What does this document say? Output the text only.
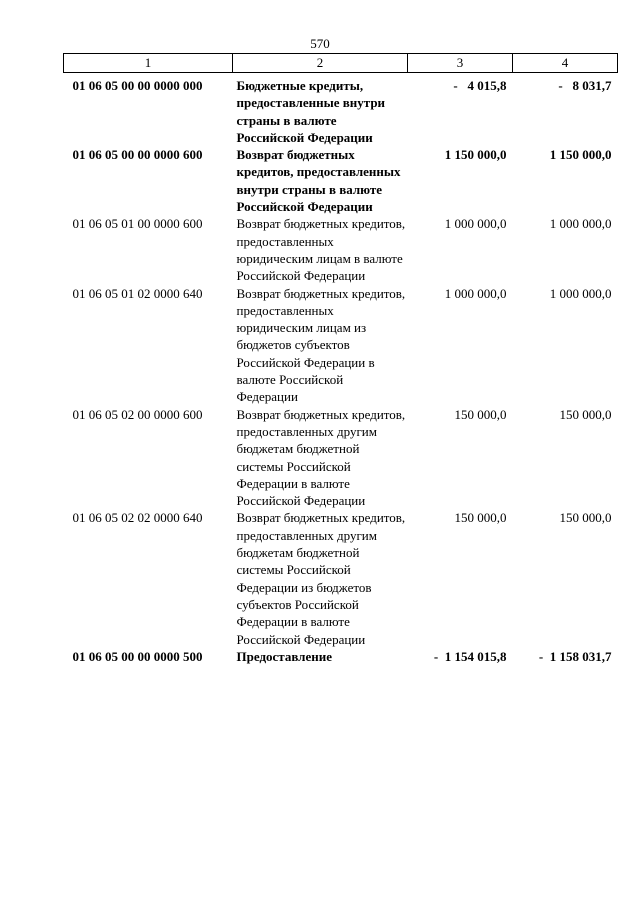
570
1	2	3	4
01 06 05 00 00 0000 000	Бюджетные кредиты, предоставленные внутри страны в валюте Российской Федерации	-   4 015,8	-   8 031,7
01 06 05 00 00 0000 600	Возврат бюджетных кредитов, предоставленных внутри страны в валюте Российской Федерации	1 150 000,0	1 150 000,0
01 06 05 01 00 0000 600	Возврат бюджетных кредитов, предоставленных юридическим лицам в валюте Российской Федерации	1 000 000,0	1 000 000,0
01 06 05 01 02 0000 640	Возврат бюджетных кредитов, предоставленных юридическим лицам из бюджетов субъектов Российской Федерации в валюте Российской Федерации	1 000 000,0	1 000 000,0
01 06 05 02 00 0000 600	Возврат бюджетных кредитов, предоставленных другим бюджетам бюджетной системы Российской Федерации в валюте Российской Федерации	150 000,0	150 000,0
01 06 05 02 02 0000 640	Возврат бюджетных кредитов, предоставленных другим бюджетам бюджетной системы Российской Федерации из бюджетов субъектов Российской Федерации в валюте Российской Федерации	150 000,0	150 000,0
01 06 05 00 00 0000 500	Предоставление	-  1 154 015,8	-  1 158 031,7
